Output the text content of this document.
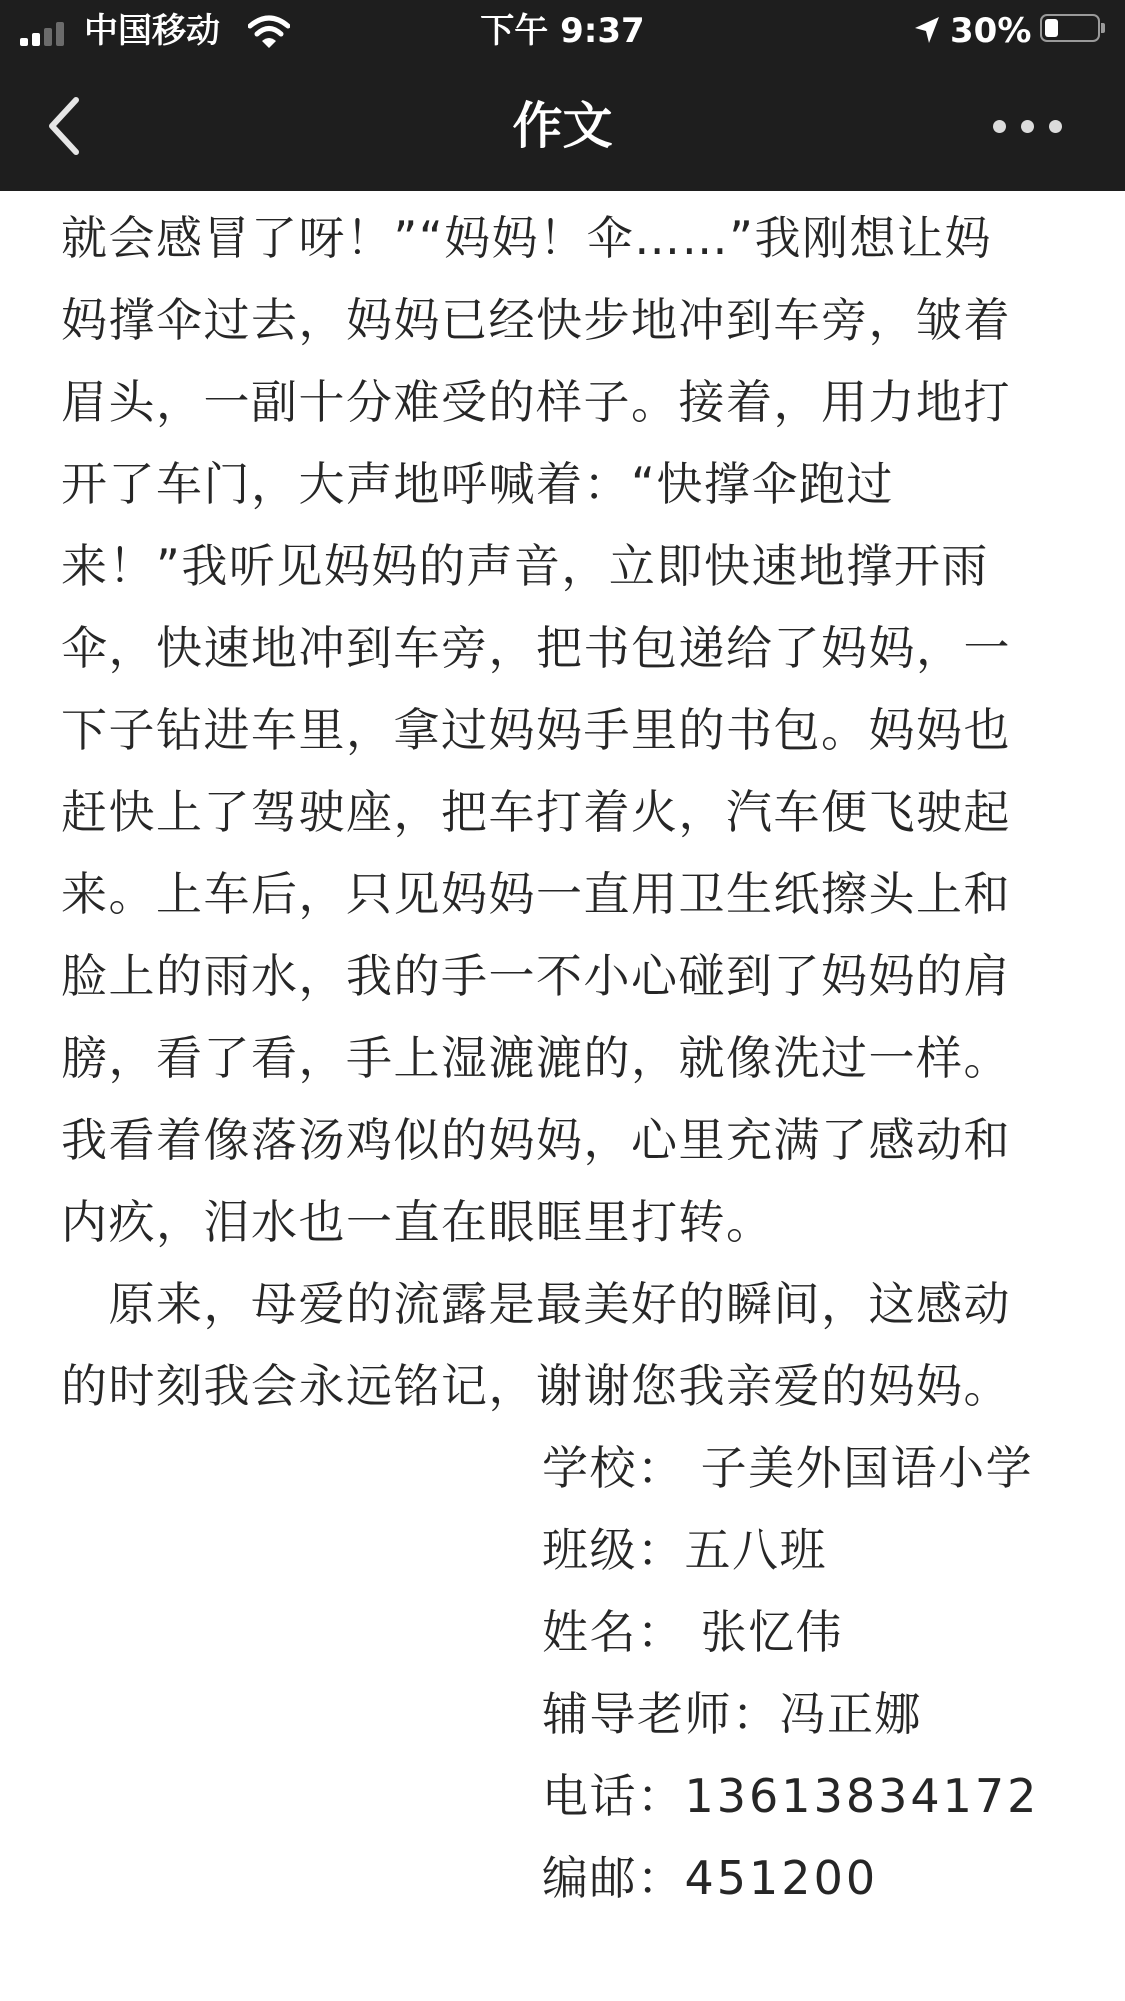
中国移动	下午 9:37	30%
作文
就会感冒了呀！”“妈妈！伞……”我刚想让妈
妈撑伞过去，妈妈已经快步地冲到车旁，皱着
眉头，一副十分难受的样子。接着，用力地打
开了车门，大声地呼喊着：“快撑伞跑过
来！”我听见妈妈的声音，立即快速地撑开雨
伞，快速地冲到车旁，把书包递给了妈妈，一
下子钻进车里，拿过妈妈手里的书包。妈妈也
赶快上了驾驶座，把车打着火，汽车便飞驶起
来。上车后，只见妈妈一直用卫生纸擦头上和
脸上的雨水，我的手一不小心碰到了妈妈的肩
膀，看了看，手上湿漉漉的，就像洗过一样。
我看着像落汤鸡似的妈妈，心里充满了感动和
内疚，泪水也一直在眼眶里打转。
　原来，母爱的流露是最美好的瞬间，这感动
的时刻我会永远铭记，谢谢您我亲爱的妈妈。
学校： 子美外国语小学
班级：五八班
姓名： 张忆伟
辅导老师：冯正娜
电话：13613834172
编邮：451200
